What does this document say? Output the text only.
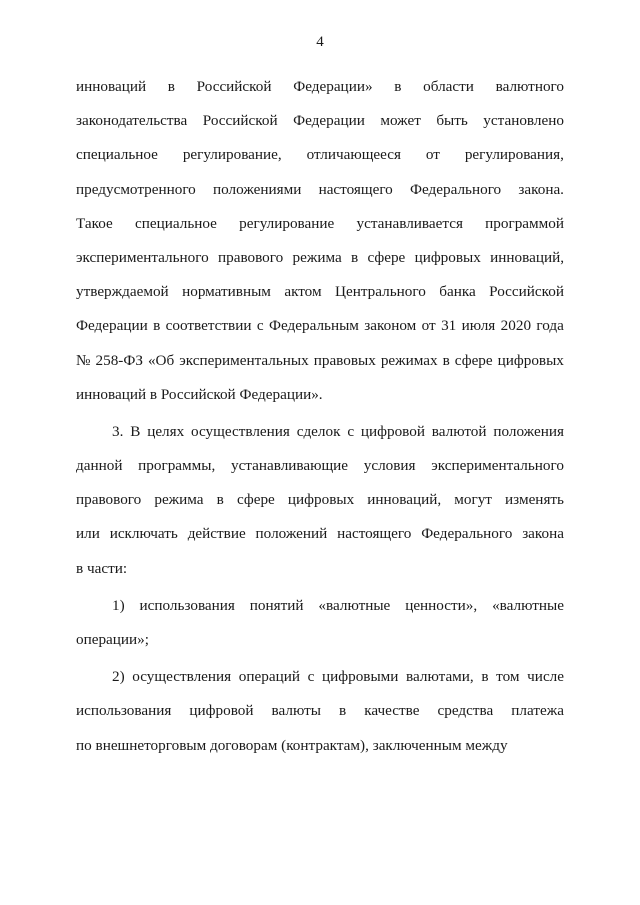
4
инноваций в Российской Федерации» в области валютного
законодательства Российской Федерации может быть установлено
специальное регулирование, отличающееся от регулирования,
предусмотренного положениями настоящего Федерального закона.
Такое специальное регулирование устанавливается программой
экспериментального правового режима в сфере цифровых инноваций,
утверждаемой нормативным актом Центрального банка Российской
Федерации в соответствии с Федеральным законом от 31 июля 2020 года
№ 258-ФЗ «Об экспериментальных правовых режимах в сфере цифровых
инноваций в Российской Федерации».
3. В целях осуществления сделок с цифровой валютой положения
данной программы, устанавливающие условия экспериментального
правового режима в сфере цифровых инноваций, могут изменять
или исключать действие положений настоящего Федерального закона
в части:
1) использования понятий «валютные ценности», «валютные
операции»;
2) осуществления операций с цифровыми валютами, в том числе
использования цифровой валюты в качестве средства платежа
по внешнеторговым договорам (контрактам), заключенным между
